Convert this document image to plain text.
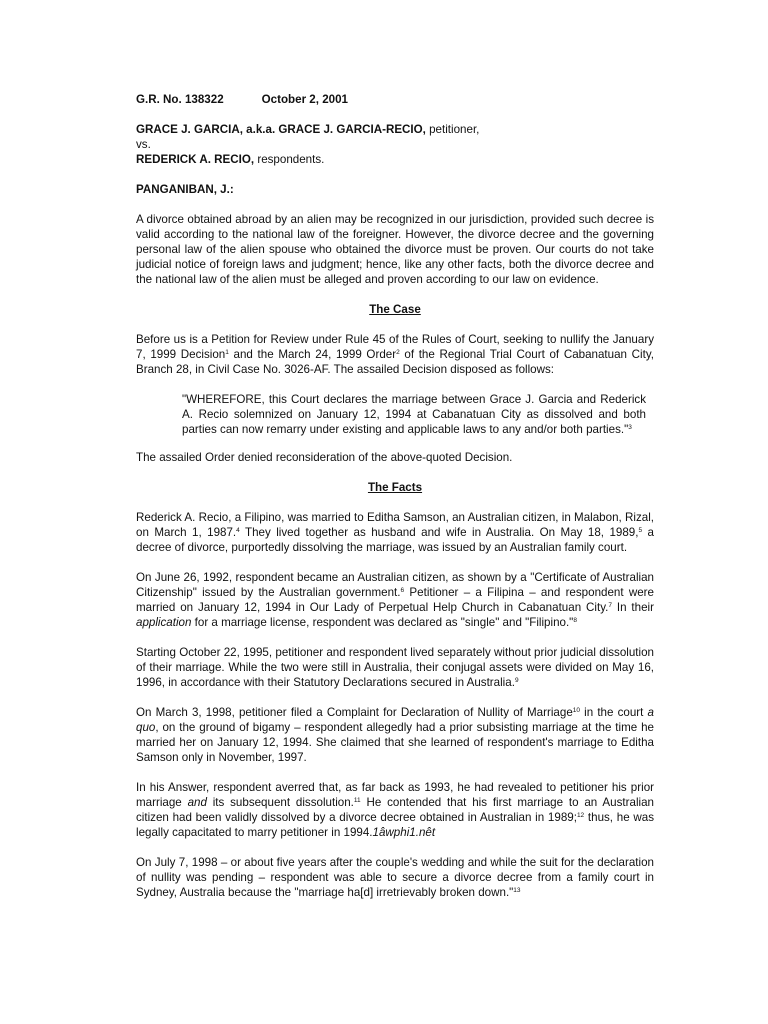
G.R. No. 138322	October 2, 2001

GRACE J. GARCIA, a.k.a. GRACE J. GARCIA-RECIO, petitioner,

vs.

REDERICK A. RECIO, respondents.

PANGANIBAN, J.:

A divorce obtained abroad by an alien may be recognized in our jurisdiction, provided such decree is valid according to the national law of the foreigner. However, the divorce decree and the governing personal law of the alien spouse who obtained the divorce must be proven. Our courts do not take judicial notice of foreign laws and judgment; hence, like any other facts, both the divorce decree and the national law of the alien must be alleged and proven according to our law on evidence.

The Case

Before us is a Petition for Review under Rule 45 of the Rules of Court, seeking to nullify the January 7, 1999 Decision$^1$ and the March 24, 1999 Order$^2$ of the Regional Trial Court of Cabanatuan City, Branch 28, in Civil Case No. 3026-AF. The assailed Decision disposed as follows:

"WHEREFORE, this Court declares the marriage between Grace J. Garcia and Rederick A. Recio solemnized on January 12, 1994 at Cabanatuan City as dissolved and both parties can now remarry under existing and applicable laws to any and/or both parties."$^3$

The assailed Order denied reconsideration of the above-quoted Decision.

The Facts

Rederick A. Recio, a Filipino, was married to Editha Samson, an Australian citizen, in Malabon, Rizal, on March 1, 1987.$^4$ They lived together as husband and wife in Australia. On May 18, 1989,$^5$ a decree of divorce, purportedly dissolving the marriage, was issued by an Australian family court.

On June 26, 1992, respondent became an Australian citizen, as shown by a "Certificate of Australian Citizenship" issued by the Australian government.$^6$ Petitioner – a Filipina – and respondent were married on January 12, 1994 in Our Lady of Perpetual Help Church in Cabanatuan City.$^7$ In their application for a marriage license, respondent was declared as "single" and "Filipino."$^8$

Starting October 22, 1995, petitioner and respondent lived separately without prior judicial dissolution of their marriage. While the two were still in Australia, their conjugal assets were divided on May 16, 1996, in accordance with their Statutory Declarations secured in Australia.$^9$

On March 3, 1998, petitioner filed a Complaint for Declaration of Nullity of Marriage$^{10}$ in the court a quo, on the ground of bigamy – respondent allegedly had a prior subsisting marriage at the time he married her on January 12, 1994. She claimed that she learned of respondent's marriage to Editha Samson only in November, 1997.

In his Answer, respondent averred that, as far back as 1993, he had revealed to petitioner his prior marriage and its subsequent dissolution.$^{11}$ He contended that his first marriage to an Australian citizen had been validly dissolved by a divorce decree obtained in Australian in 1989;$^{12}$ thus, he was legally capacitated to marry petitioner in 1994.1âwphi1.nêt

On July 7, 1998 – or about five years after the couple's wedding and while the suit for the declaration of nullity was pending – respondent was able to secure a divorce decree from a family court in Sydney, Australia because the "marriage ha[d] irretrievably broken down."$^{13}$
